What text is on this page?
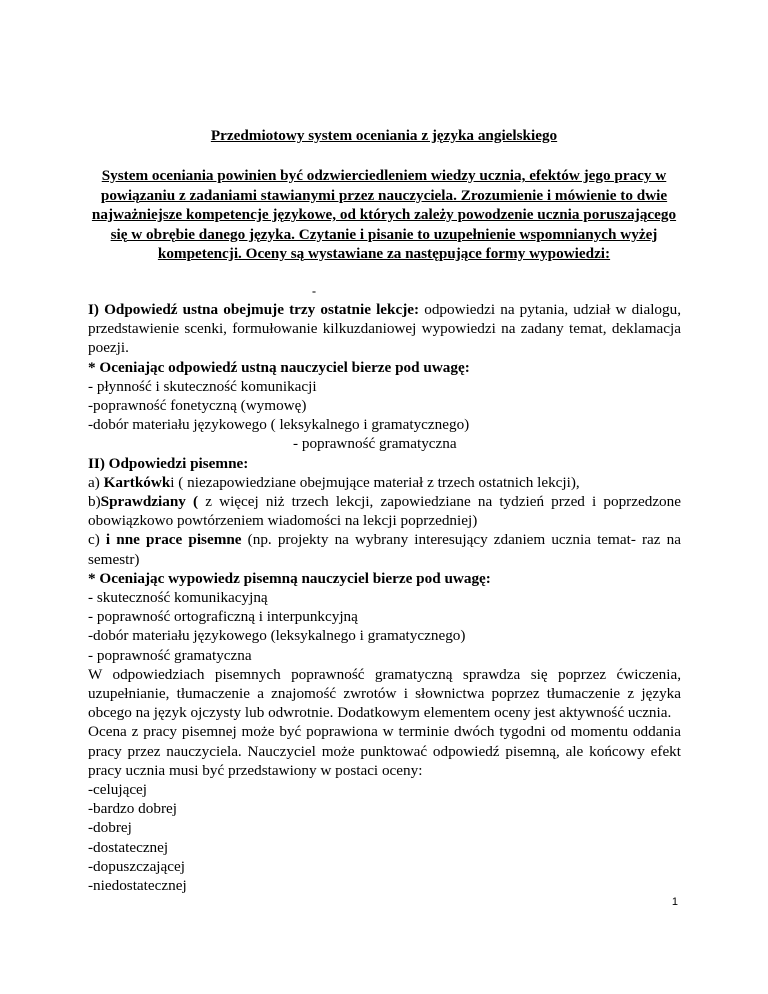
Przedmiotowy system oceniania z języka angielskiego
System oceniania powinien być odzwierciedleniem wiedzy ucznia, efektów jego pracy w powiązaniu z zadaniami stawianymi przez nauczyciela. Zrozumienie i mówienie to dwie najważniejsze kompetencje językowe, od których zależy powodzenie ucznia poruszającego się w obrębie danego języka. Czytanie i pisanie to uzupełnienie wspomnianych wyżej kompetencji. Oceny są wystawiane za następujące formy wypowiedzi:
-

I) Odpowiedź ustna obejmuje trzy ostatnie lekcje: odpowiedzi na pytania, udział w dialogu, przedstawienie scenki, formułowanie kilkuzdaniowej wypowiedzi na zadany temat, deklamacja poezji.

* Oceniając odpowiedź ustną nauczyciel bierze pod uwagę:

- płynność i skuteczność komunikacji

-poprawność fonetyczną (wymowę)

-dobór materiału językowego ( leksykalnego i gramatycznego)

- poprawność gramatyczna

II) Odpowiedzi pisemne:

a) Kartkówki ( niezapowiedziane obejmujące materiał z trzech ostatnich lekcji),

b)Sprawdziany ( z więcej niż trzech lekcji, zapowiedziane na tydzień przed i poprzedzone obowiązkowo powtórzeniem wiadomości na lekcji poprzedniej)

c) i nne prace pisemne (np. projekty na wybrany interesujący zdaniem ucznia temat- raz na semestr)

* Oceniając wypowiedz pisemną nauczyciel bierze pod uwagę:

- skuteczność komunikacyjną

- poprawność ortograficzną i interpunkcyjną

-dobór materiału językowego (leksykalnego i gramatycznego)

- poprawność gramatyczna

W odpowiedziach pisemnych poprawność gramatyczną sprawdza się poprzez ćwiczenia, uzupełnianie, tłumaczenie a znajomość zwrotów i słownictwa poprzez tłumaczenie z języka obcego na język ojczysty lub odwrotnie. Dodatkowym elementem oceny jest aktywność ucznia.

Ocena z pracy pisemnej może być poprawiona w terminie dwóch tygodni od momentu oddania pracy przez nauczyciela. Nauczyciel może punktować odpowiedź pisemną, ale końcowy efekt pracy ucznia musi być przedstawiony w postaci oceny:

-celującej

-bardzo dobrej

-dobrej

-dostatecznej

-dopuszczającej

-niedostatecznej

1
